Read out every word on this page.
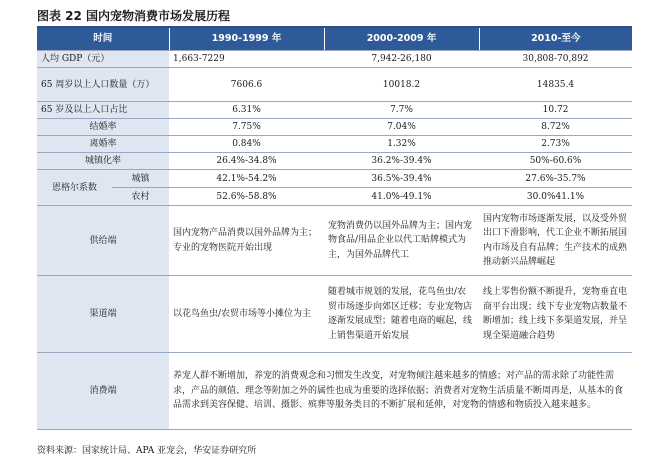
图表 22 国内宠物消费市场发展历程
时间		1990-1999 年	2000-2009 年	2010-至今
人均 GDP（元）		1,663-7229	7,942-26,180	30,808-70,892
65 周岁以上人口数量（万）		7606.6	10018.2	14835.4
65 岁及以上人口占比		6.31%	7.7%	10.72
结婚率		7.75%	7.04%	8.72%
离婚率		0.84%	1.32%	2.73%
城镇化率		26.4%-34.8%	36.2%-39.4%	50%-60.6%
恩格尔系数	城镇	42.1%-54.2%	36.5%-39.4%	27.6%-35.7%
	农村	52.6%-58.8%	41.0%-49.1%	30.0%41.1%
供给端		国内宠物产品消费以国外品牌为主；专业的宠物医院开始出现	宠物消费仍以国外品牌为主；国内宠物食品/用品企业以代工贴牌模式为主，为国外品牌代工	国内宠物市场逐渐发展，以及受外贸出口下滑影响，代工企业不断拓展国内市场及自有品牌；生产技术的成熟推动新兴品牌崛起
渠道端		以花鸟鱼虫/农贸市场等小摊位为主	随着城市规划的发展，花鸟鱼虫/农贸市场逐步向郊区迁移；专业宠物店逐渐发展成型；随着电商的崛起，线上销售渠道开始发展	线上零售份额不断提升，宠物垂直电商平台出现；线下专业宠物店数量不断增加；线上线下多渠道发展，并呈现全渠道融合趋势
消费端		养宠人群不断增加，养宠的消费观念和习惯发生改变，对宠物倾注越来越多的情感；对产品的需求除了功能性需求，产品的颜值、理念等附加之外的属性也成为重要的选择依据；消费者对宠物生活质量不断周再是，从基本的食品需求到美容保健、培训、摄影、殡葬等服务类目的不断扩展和延伸，对宠物的情感和物质投入越来越多。		
资料来源：国家统计局、APA 亚宠会，华安证券研究所
